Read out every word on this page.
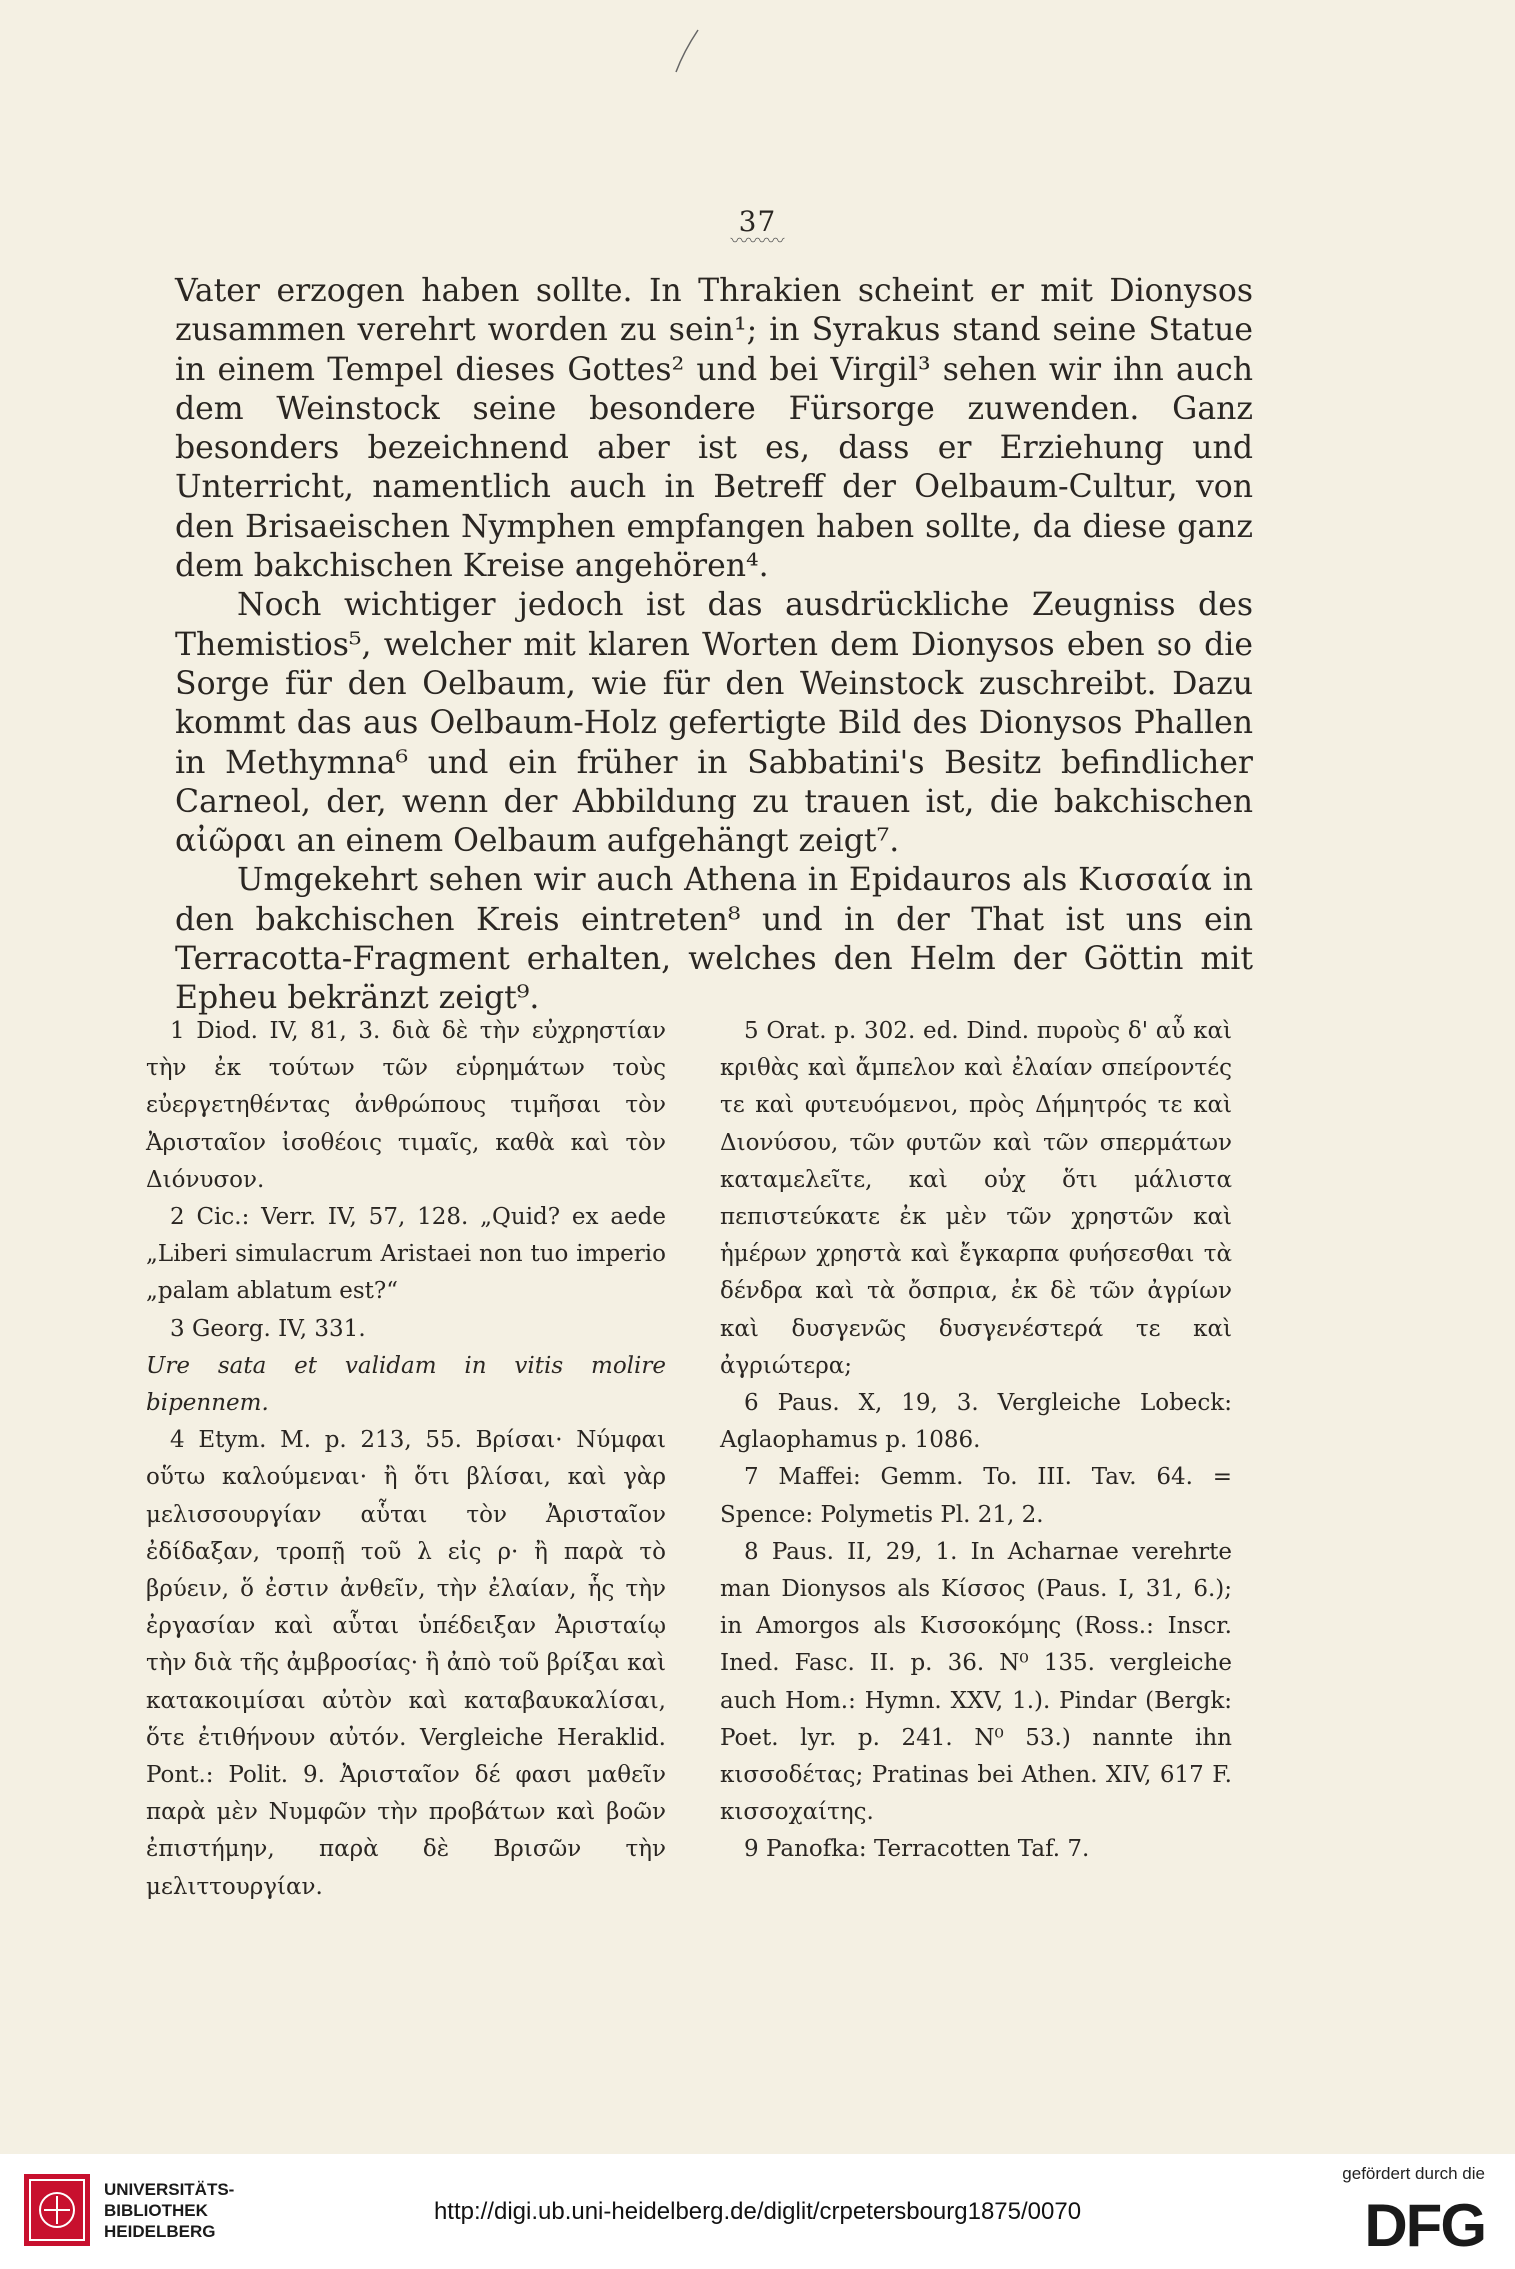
37
〰〰〰

Vater erzogen haben sollte. In Thrakien scheint er mit Dionysos zusammen verehrt worden zu sein¹; in Syrakus stand seine Statue in einem Tempel dieses Gottes² und bei Virgil³ sehen wir ihn auch dem Weinstock seine besondere Fürsorge zuwenden. Ganz besonders bezeichnend aber ist es, dass er Erziehung und Unterricht, namentlich auch in Betreff der Oelbaum-Cultur, von den Brisaeischen Nymphen empfangen haben sollte, da diese ganz dem bakchischen Kreise angehören⁴.

Noch wichtiger jedoch ist das ausdrückliche Zeugniss des Themistios⁵, welcher mit klaren Worten dem Dionysos eben so die Sorge für den Oelbaum, wie für den Weinstock zuschreibt. Dazu kommt das aus Oelbaum-Holz gefertigte Bild des Dionysos Phallen in Methymna⁶ und ein früher in Sabbatini's Besitz befindlicher Carneol, der, wenn der Abbildung zu trauen ist, die bakchischen αἰῶραι an einem Oelbaum aufgehängt zeigt⁷.

Umgekehrt sehen wir auch Athena in Epidauros als Κισσαία in den bakchischen Kreis eintreten⁸ und in der That ist uns ein Terracotta-Fragment erhalten, welches den Helm der Göttin mit Epheu bekränzt zeigt⁹.

1 Diod. IV, 81, 3. διὰ δὲ τὴν εὐχρηστίαν τὴν ἐκ τούτων τῶν εὑρημάτων τοὺς εὐεργετηθέντας ἀνθρώπους τιμῆσαι τὸν Ἀρισταῖον ἰσοθέοις τιμαῖς, καθὰ καὶ τὸν Διόνυσον.

2 Cic.: Verr. IV, 57, 128. „Quid? ex aede „Liberi simulacrum Aristaei non tuo imperio „palam ablatum est?“

3 Georg. IV, 331.

Ure sata et validam in vitis molire bipennem.

4 Etym. M. p. 213, 55. Βρίσαι· Νύμφαι οὕτω καλούμεναι· ἢ ὅτι βλίσαι, καὶ γὰρ μελισσουργίαν αὗται τὸν Ἀρισταῖον ἐδίδαξαν, τροπῇ τοῦ λ εἰς ρ· ἢ παρὰ τὸ βρύειν, ὅ ἐστιν ἀνθεῖν, τὴν ἐλαίαν, ἧς τὴν ἐργασίαν καὶ αὗται ὑπέδειξαν Ἀρισταίῳ τὴν διὰ τῆς ἀμβροσίας· ἢ ἀπὸ τοῦ βρίξαι καὶ κατακοιμίσαι αὐτὸν καὶ καταβαυκαλίσαι, ὅτε ἐτιθήνουν αὐτόν. Vergleiche Heraklid. Pont.: Polit. 9. Ἀρισταῖον δέ φασι μαθεῖν παρὰ μὲν Νυμφῶν τὴν προβάτων καὶ βοῶν ἐπιστήμην, παρὰ δὲ Βρισῶν τὴν μελιττουργίαν.

5 Orat. p. 302. ed. Dind. πυροὺς δ' αὖ καὶ κριθὰς καὶ ἄμπελον καὶ ἐλαίαν σπείροντές τε καὶ φυτευόμενοι, πρὸς Δήμητρός τε καὶ Διονύσου, τῶν φυτῶν καὶ τῶν σπερμάτων καταμελεῖτε, καὶ οὐχ ὅτι μάλιστα πεπιστεύκατε ἐκ μὲν τῶν χρηστῶν καὶ ἡμέρων χρηστὰ καὶ ἔγκαρπα φυήσεσθαι τὰ δένδρα καὶ τὰ ὄσπρια, ἐκ δὲ τῶν ἀγρίων καὶ δυσγενῶς δυσγενέστερά τε καὶ ἀγριώτερα;

6 Paus. X, 19, 3. Vergleiche Lobeck: Aglaophamus p. 1086.

7 Maffei: Gemm. To. III. Tav. 64. = Spence: Polymetis Pl. 21, 2.

8 Paus. II, 29, 1. In Acharnae verehrte man Dionysos als Κίσσος (Paus. I, 31, 6.); in Amorgos als Κισσοκόμης (Ross.: Inscr. Ined. Fasc. II. p. 36. N⁰ 135. vergleiche auch Hom.: Hymn. XXV, 1.). Pindar (Bergk: Poet. lyr. p. 241. N⁰ 53.) nannte ihn κισσοδέτας; Pratinas bei Athen. XIV, 617 F. κισσοχαίτης.

9 Panofka: Terracotten Taf. 7.

UNIVERSITÄTS-
BIBLIOTHEK
HEIDELBERG
http://digi.ub.uni-heidelberg.de/diglit/crpetersbourg1875/0070
gefördert durch die
DFG
